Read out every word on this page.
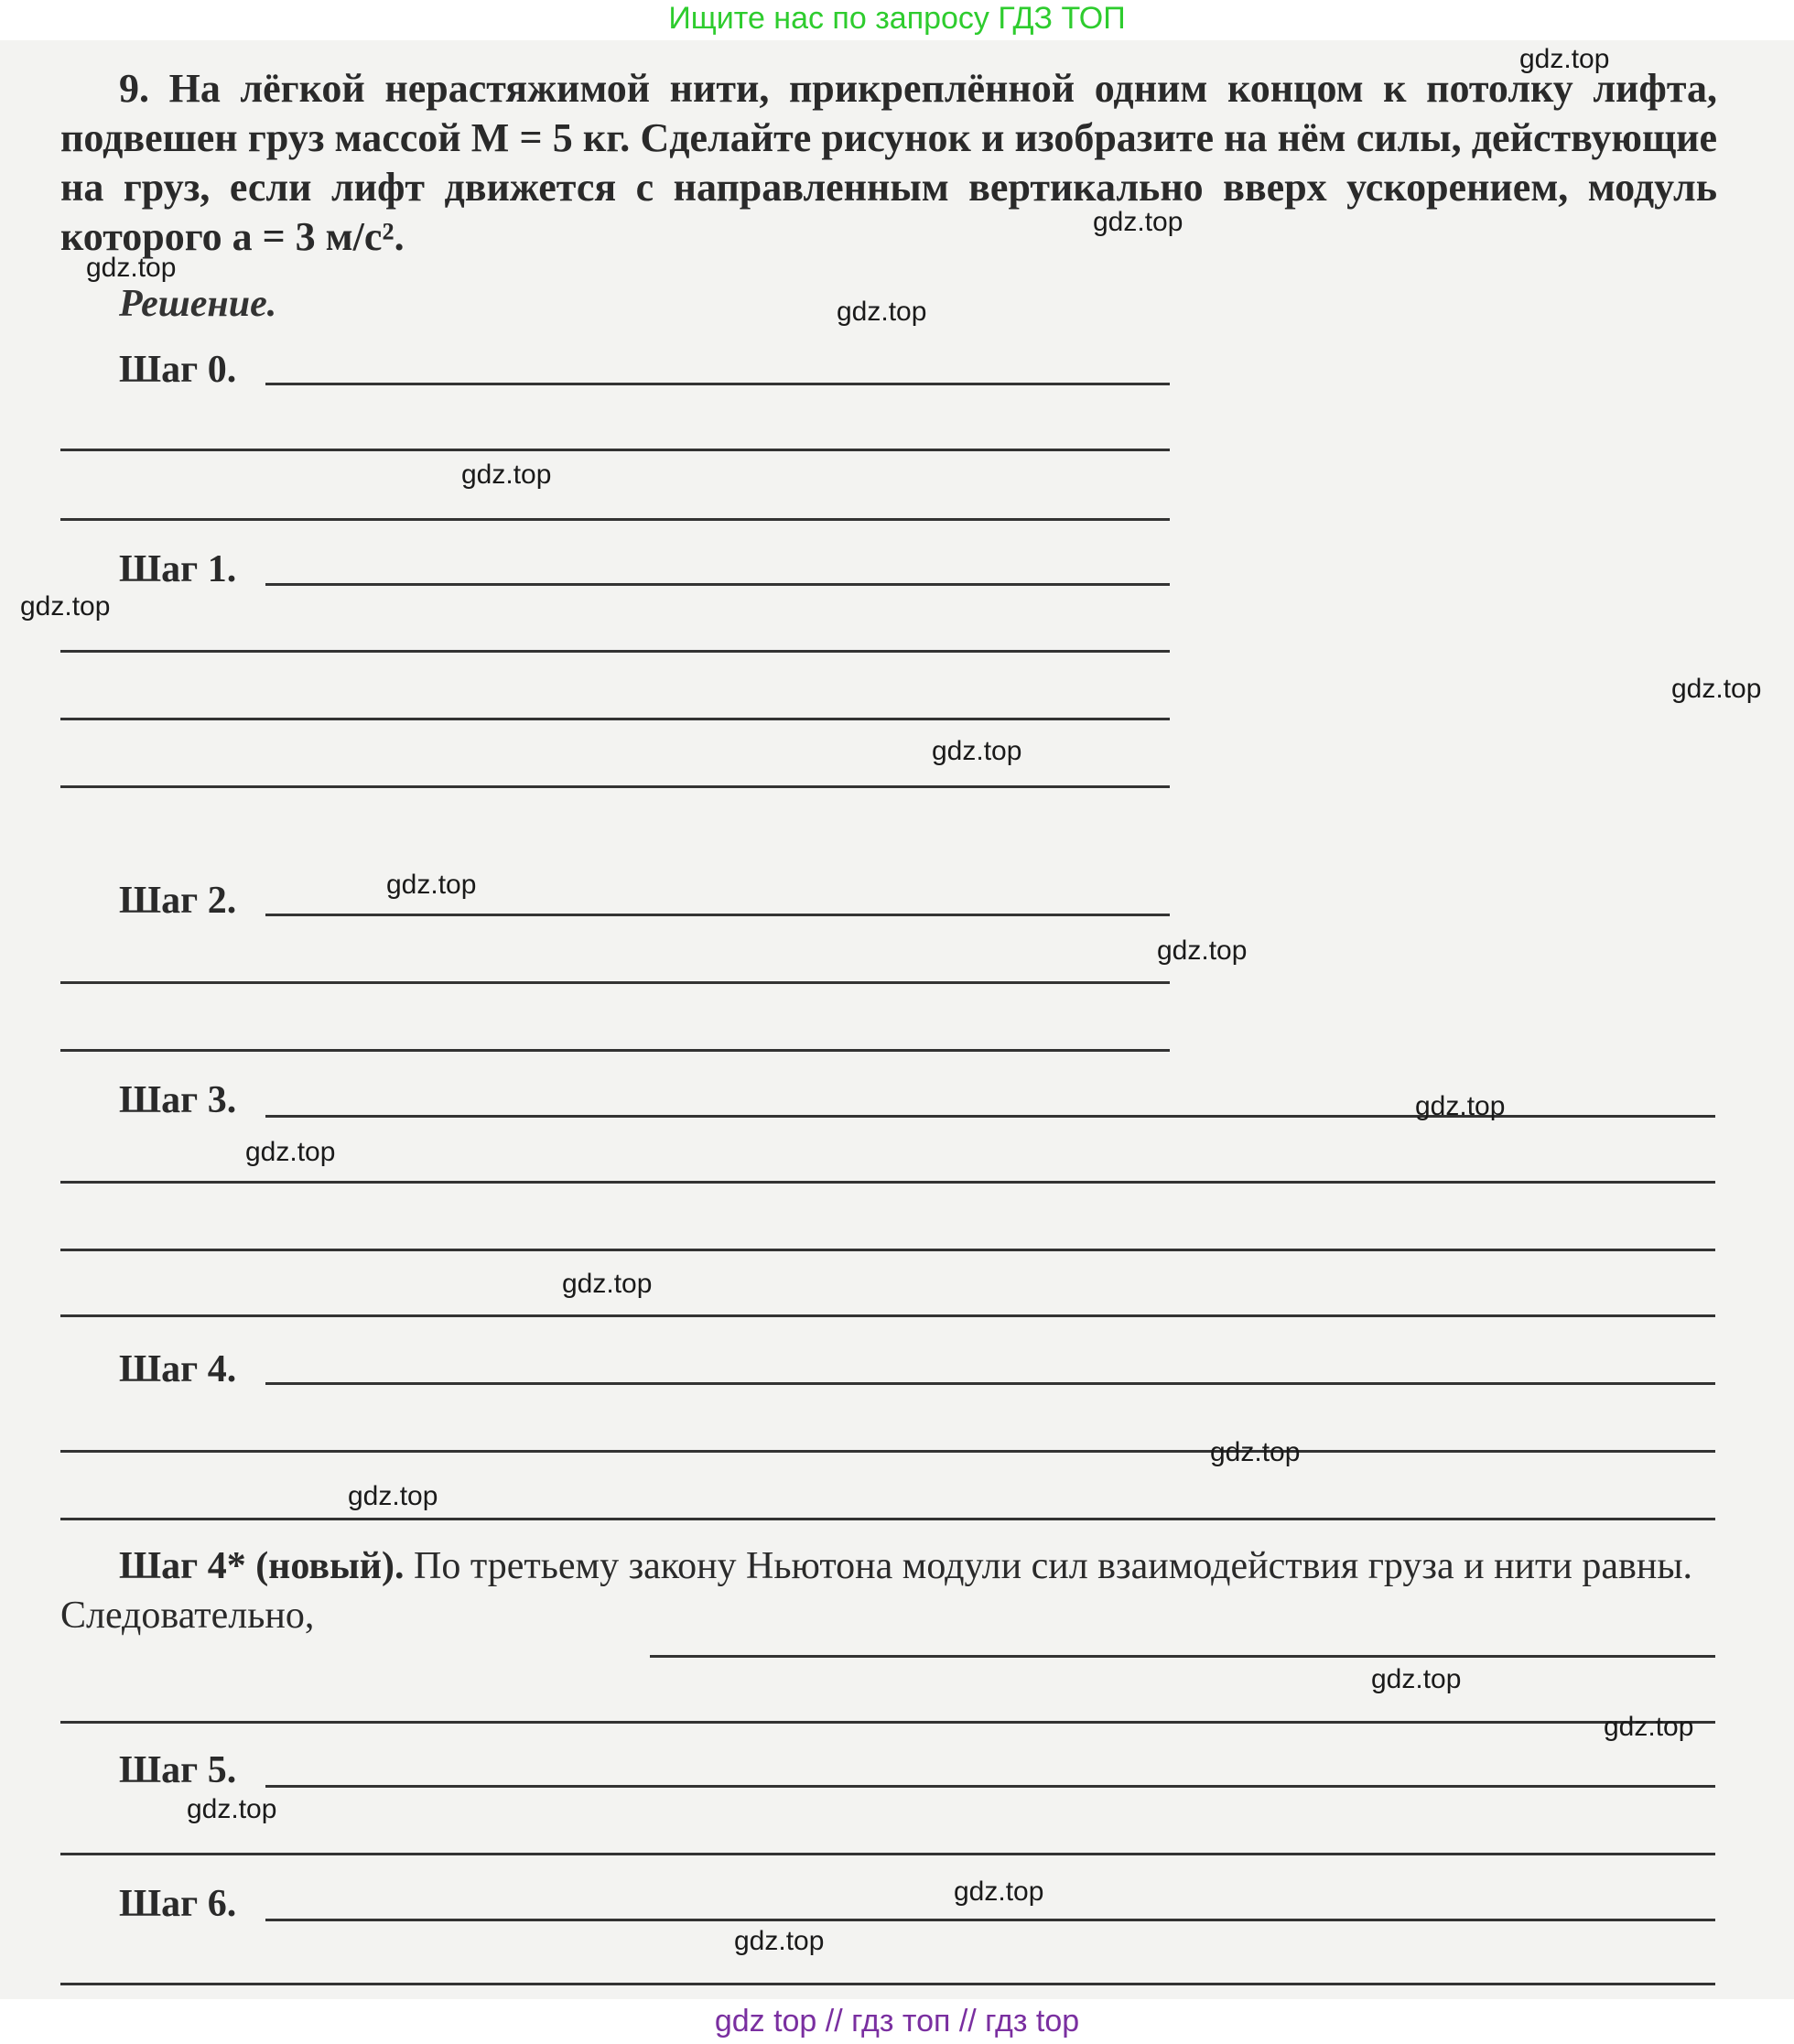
Ищите нас по запросу ГДЗ ТОП
9. На лёгкой нерастяжимой нити, прикреплённой одним концом к потолку лифта, подвешен груз массой M = 5 кг. Сделайте рисунок и изобразите на нём силы, действующие на груз, если лифт движется с направленным вертикально вверх ускорением, модуль которого a = 3 м/с².
Решение.
Шаг 0.
Шаг 1.
Шаг 2.
Шаг 3.
Шаг 4.
Шаг 4* (новый). По третьему закону Ньютона модули сил взаимодействия груза и нити равны. Следовательно,
Шаг 5.
Шаг 6.
gdz.top
gdz.top
gdz.top
gdz.top
gdz.top
gdz.top
gdz.top
gdz.top
gdz.top
gdz.top
gdz.top
gdz.top
gdz.top
gdz.top
gdz.top
gdz.top
gdz.top
gdz.top
gdz.top
gdz.top
gdz top // гдз топ // гдз top
